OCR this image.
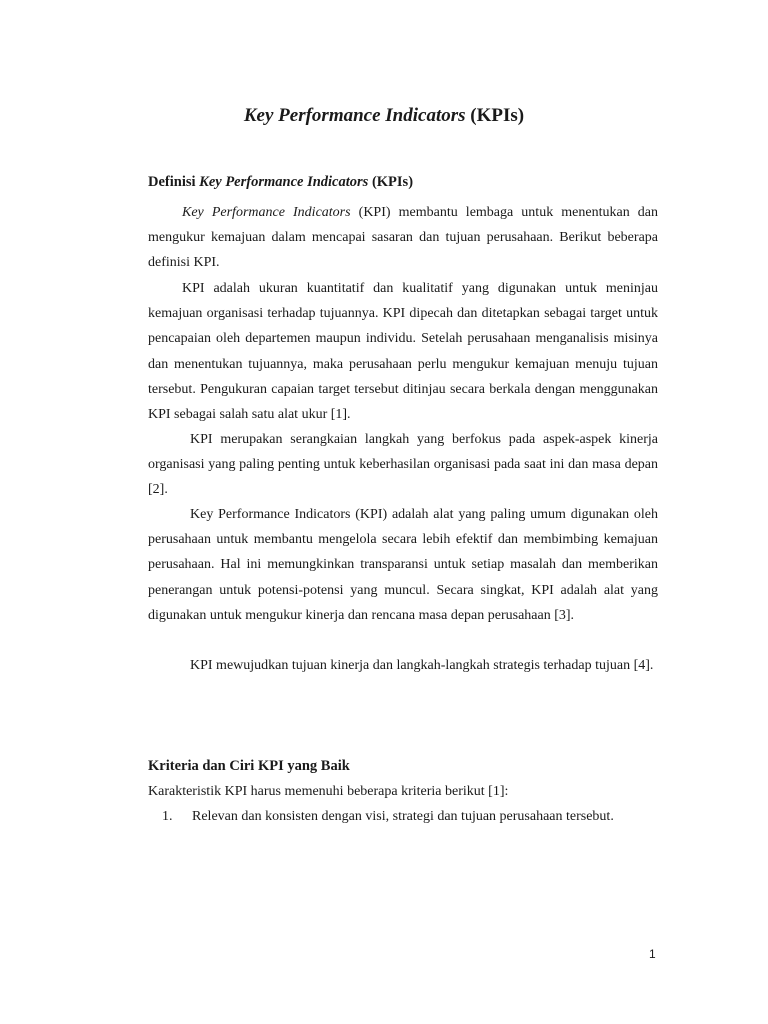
Key Performance Indicators (KPIs)
Definisi Key Performance Indicators (KPIs)

Key Performance Indicators (KPI) membantu lembaga untuk menentukan dan mengukur kemajuan dalam mencapai sasaran dan tujuan perusahaan. Berikut beberapa definisi KPI.

KPI adalah ukuran kuantitatif dan kualitatif yang digunakan untuk meninjau kemajuan organisasi terhadap tujuannya. KPI dipecah dan ditetapkan sebagai target untuk pencapaian oleh departemen maupun individu. Setelah perusahaan menganalisis misinya dan menentukan tujuannya, maka perusahaan perlu mengukur kemajuan menuju tujuan tersebut. Pengukuran capaian target tersebut ditinjau secara berkala dengan menggunakan KPI sebagai salah satu alat ukur [1].

KPI merupakan serangkaian langkah yang berfokus pada aspek-aspek kinerja organisasi yang paling penting untuk keberhasilan organisasi pada saat ini dan masa depan [2].

Key Performance Indicators (KPI) adalah alat yang paling umum digunakan oleh perusahaan untuk membantu mengelola secara lebih efektif dan membimbing kemajuan perusahaan. Hal ini memungkinkan transparansi untuk setiap masalah dan memberikan penerangan untuk potensi-potensi yang muncul. Secara singkat, KPI adalah alat yang digunakan untuk mengukur kinerja dan rencana masa depan perusahaan [3].

KPI mewujudkan tujuan kinerja dan langkah-langkah strategis terhadap tujuan [4].

Kriteria dan Ciri KPI yang Baik

Karakteristik KPI harus memenuhi beberapa kriteria berikut [1]:

1. Relevan dan konsisten dengan visi, strategi dan tujuan perusahaan tersebut.
1
